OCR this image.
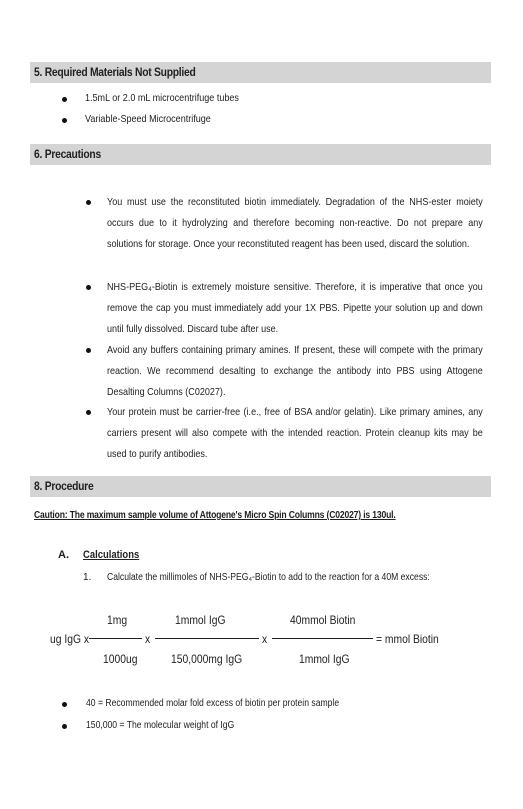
5. Required Materials Not Supplied
1.5mL or 2.0 mL microcentrifuge tubes
Variable-Speed Microcentrifuge
6. Precautions
You must use the reconstituted biotin immediately. Degradation of the NHS-ester moiety occurs due to it hydrolyzing and therefore becoming non-reactive. Do not prepare any solutions for storage. Once your reconstituted reagent has been used, discard the solution.
NHS-PEG₄-Biotin is extremely moisture sensitive. Therefore, it is imperative that once you remove the cap you must immediately add your 1X PBS. Pipette your solution up and down until fully dissolved. Discard tube after use.
Avoid any buffers containing primary amines. If present, these will compete with the primary reaction. We recommend desalting to exchange the antibody into PBS using Attogene Desalting Columns (C02027).
Your protein must be carrier-free (i.e., free of BSA and/or gelatin). Like primary amines, any carriers present will also compete with the intended reaction. Protein cleanup kits may be used to purify antibodies.
8. Procedure
Caution: The maximum sample volume of Attogene's Micro Spin Columns (C02027) is 130ul.
A. Calculations
1. Calculate the millimoles of NHS-PEG₄-Biotin to add to the reaction for a 40M excess:
ug IgG x
1mg
1000ug
x
1mmol IgG
150,000mg IgG
x
40mmol Biotin
1mmol IgG
= mmol Biotin
40 = Recommended molar fold excess of biotin per protein sample
150,000 = The molecular weight of IgG
